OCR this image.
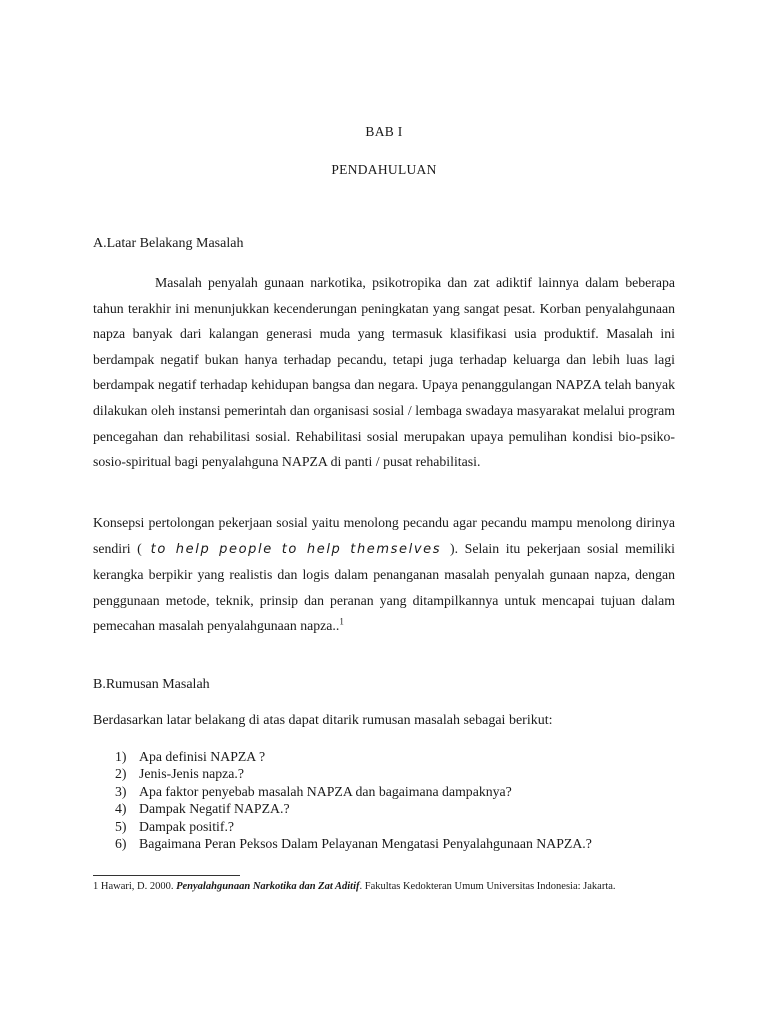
BAB I
PENDAHULUAN
A.Latar Belakang Masalah

Masalah penyalah gunaan narkotika, psikotropika dan zat adiktif lainnya dalam beberapa tahun terakhir ini menunjukkan kecenderungan peningkatan yang sangat pesat. Korban penyalahgunaan napza banyak dari kalangan generasi muda yang termasuk klasifikasi usia produktif. Masalah ini berdampak negatif bukan hanya terhadap pecandu, tetapi juga terhadap keluarga dan lebih luas lagi berdampak negatif terhadap kehidupan bangsa dan negara. Upaya penanggulangan NAPZA telah banyak dilakukan oleh instansi pemerintah dan organisasi sosial / lembaga swadaya masyarakat melalui program pencegahan dan rehabilitasi sosial. Rehabilitasi sosial merupakan upaya pemulihan kondisi bio-psiko-sosio-spiritual bagi penyalahguna NAPZA di panti / pusat rehabilitasi.

Konsepsi pertolongan pekerjaan sosial yaitu menolong pecandu agar pecandu mampu menolong dirinya sendiri ( to help people to help themselves ). Selain itu pekerjaan sosial memiliki kerangka berpikir yang realistis dan logis dalam penanganan masalah penyalah gunaan napza, dengan penggunaan metode, teknik, prinsip dan peranan yang ditampilkannya untuk mencapai tujuan dalam pemecahan masalah penyalahgunaan napza..$^1$

B.Rumusan Masalah
Berdasarkan latar belakang di atas dapat ditarik rumusan masalah sebagai berikut:
1) Apa definisi NAPZA ?
2) Jenis-Jenis napza.?
3) Apa faktor penyebab masalah NAPZA dan bagaimana dampaknya?
4) Dampak Negatif NAPZA.?
5) Dampak positif.?
6) Bagaimana Peran Peksos Dalam Pelayanan Mengatasi Penyalahgunaan NAPZA.?

1 Hawari, D. 2000. Penyalahgunaan Narkotika dan Zat Aditif. Fakultas Kedokteran Umum Universitas Indonesia: Jakarta.
